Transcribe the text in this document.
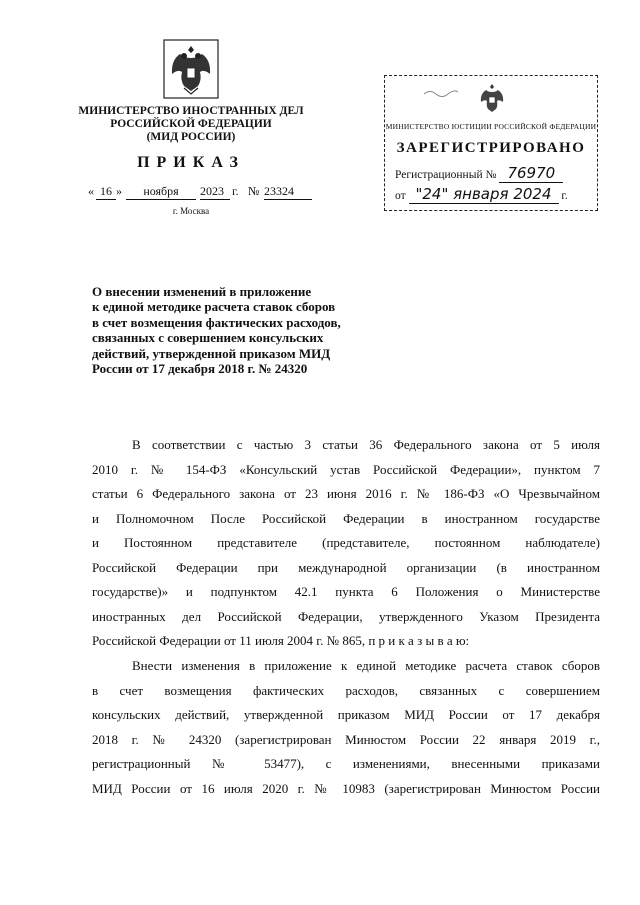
МИНИСТЕРСТВО ИНОСТРАННЫХ ДЕЛ
РОССИЙСКОЙ ФЕДЕРАЦИИ
(МИД РОССИИ)
ПРИКАЗ
« 16 »	ноября	2023 г. № 23324
г. Москва
МИНИСТЕРСТВО ЮСТИЦИИ РОССИЙСКОЙ ФЕДЕРАЦИИ
ЗАРЕГИСТРИРОВАНО
Регистрационный № 76970
от "24" января 2024 г.
О внесении изменений в приложение
к единой методике расчета ставок сборов
в счет возмещения фактических расходов,
связанных с совершением консульских
действий, утвержденной приказом МИД
России от 17 декабря 2018 г. № 24320
В соответствии с частью 3 статьи 36 Федерального закона от 5 июля
2010 г. № 154-ФЗ «Консульский устав Российской Федерации», пунктом 7
статьи 6 Федерального закона от 23 июня 2016 г. № 186-ФЗ «О Чрезвычайном
и Полномочном После Российской Федерации в иностранном государстве
и Постоянном представителе (представителе, постоянном наблюдателе)
Российской Федерации при международной организации (в иностранном
государстве)» и подпунктом 42.1 пункта 6 Положения о Министерстве
иностранных дел Российской Федерации, утвержденного Указом Президента
Российской Федерации от 11 июля 2004 г. № 865, п р и к а з ы в а ю:
Внести изменения в приложение к единой методике расчета ставок сборов
в счет возмещения фактических расходов, связанных с совершением
консульских действий, утвержденной приказом МИД России от 17 декабря
2018 г. № 24320 (зарегистрирован Минюстом России 22 января 2019 г.,
регистрационный № 53477), с изменениями, внесенными приказами
МИД России от 16 июля 2020 г. № 10983 (зарегистрирован Минюстом России
